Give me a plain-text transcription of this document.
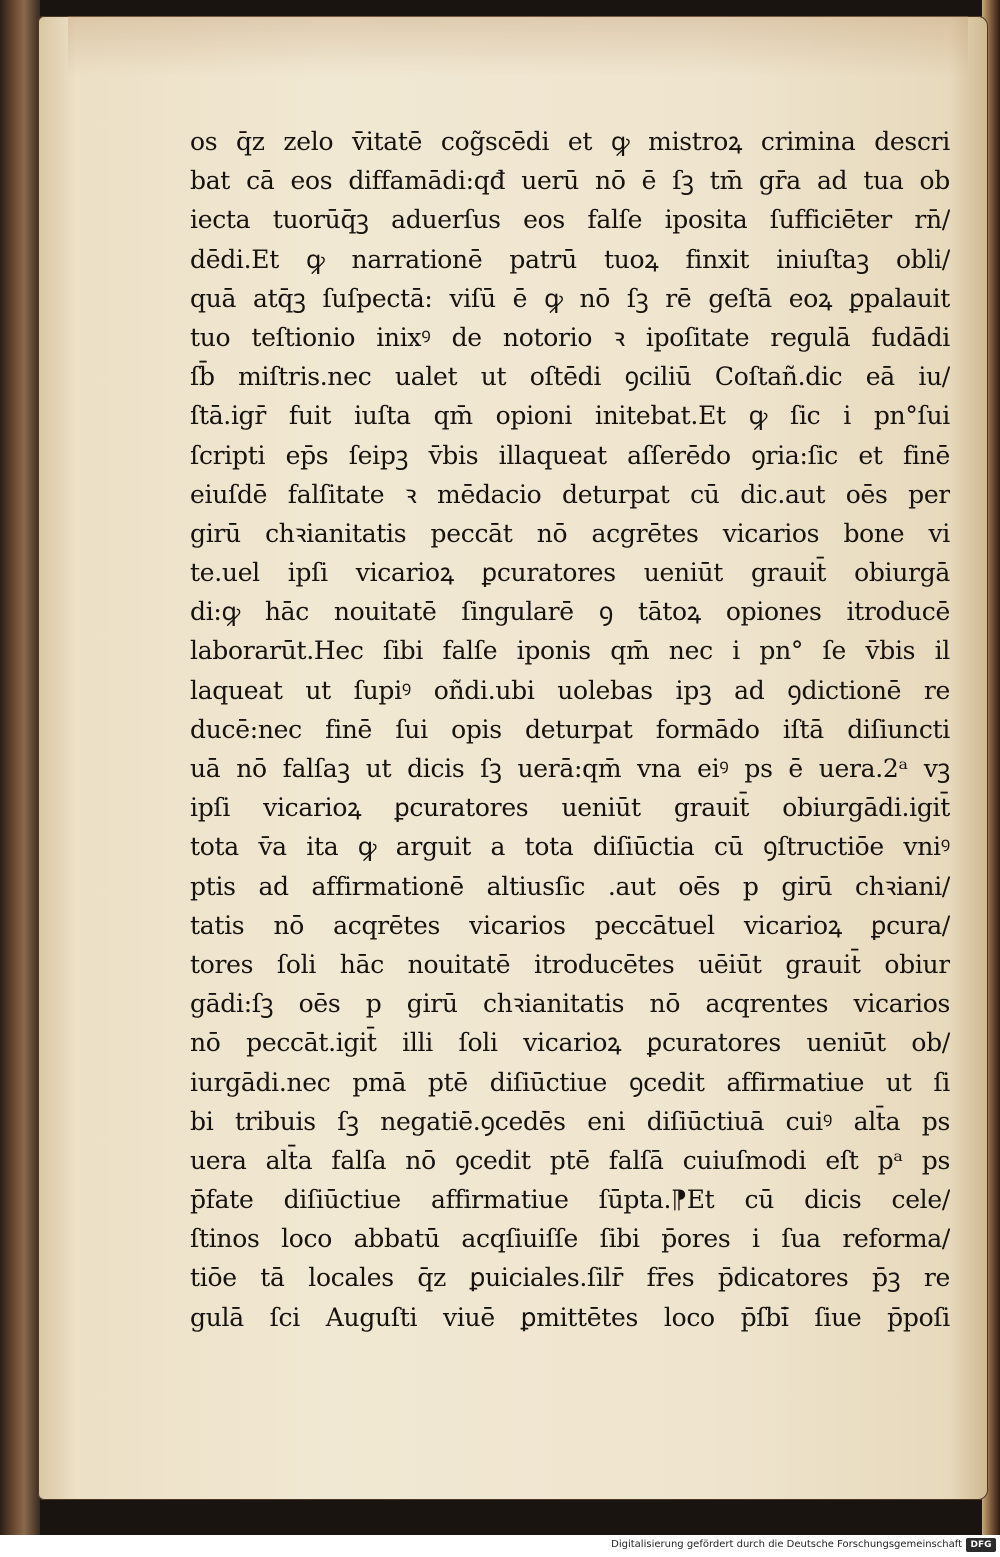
os q̄z zelo v̄itatē cog̃scēdi et ꝙ mistroꝝ crimina descri
bat cā eos diffamādi:qđ uerū nō ē ſꝫ tm̄ gr̄a ad tua ob
iecta tuorūq̄ꝫ aduerſus eos falſe iposita ſufficiēter rn̄/
dēdi.Et ꝙ narrationē patrū tuoꝝ finxit iniuſtaꝫ obli/
quā atq̄ꝫ ſuſpectā: viſū ē ꝙ nō ſꝫ rē geſtā eoꝝ ꝑpalauit
tuo teſtionio inixꝰ de notorio ꝛ ipoſitate regulā fudādi
ſb̄ miſtris.nec ualet ut oſtēdi ꝯciliū Coſtañ.dic eā iu/
ſtā.igr̄ fuit iuſta qm̄ opioni initebat.Et ꝙ ſic i pn°ſui
ſcripti ep̄s ſeipꝫ v̄bis illaqueat aſſerēdo ꝯria:ſic et finē
eiuſdē falſitate ꝛ mēdacio deturpat cū dic.aut oēs per
girū chꝛianitatis peccāt nō acgrētes vicarios bone vi
te.uel ipſi vicarioꝝ ꝑcuratores ueniūt grauit̄ obiurgā
di:ꝙ hāc nouitatē ſingularē ꝯ tātoꝝ opiones itroducē
laborarūt.Hec ſibi falſe iponis qm̄ nec i pn° ſe v̄bis il
laqueat ut ſupiꝰ oñdi.ubi uolebas ipꝫ ad ꝯdictionē re
ducē:nec finē ſui opis deturpat formādo iſtā diſiuncti
uā nō falſaꝫ ut dicis ſꝫ uerā:qm̄ vna eiꝰ ps ē uera.2ᵃ vꝫ
ipſi vicarioꝝ ꝑcuratores ueniūt grauit̄ obiurgādi.igit̄
tota v̄a ita ꝙ arguit a tota diſiūctia cū ꝯſtructiōe vniꝰ
ptis ad affirmationē altiusſic .aut oēs p girū chꝛiani/
tatis nō acqrētes vicarios peccātuel vicarioꝝ ꝑcura/
tores ſoli hāc nouitatē itroducētes uēiūt grauit̄ obiur
gādi:ſꝫ oēs p girū chꝛianitatis nō acqrentes vicarios
nō peccāt.igit̄ illi ſoli vicarioꝝ ꝑcuratores ueniūt ob/
iurgādi.nec pmā ptē diſiūctiue ꝯcedit affirmatiue ut ſi
bi tribuis ſꝫ negatiē.ꝯcedēs eni diſiūctiuā cuiꝰ alt̄a ps
uera alt̄a falſa nō ꝯcedit ptē falſā cuiuſmodi eſt pᵃ ps
p̄fate diſiūctiue affirmatiue ſūpta.⁋Et cū dicis cele/
ſtinos loco abbatū acqſiuiſſe ſibi p̄ores i ſua reforma/
tiōe tā locales q̄z ꝑuiciales.ſilr̄ fr̄es p̄dicatores p̄ꝫ re
gulā ſci Auguſti viuē ꝑmittētes loco p̄ſbi̇̄ ſiue p̄poſi
Digitalisierung gefördert durch die Deutsche Forschungsgemeinschaft DFG
